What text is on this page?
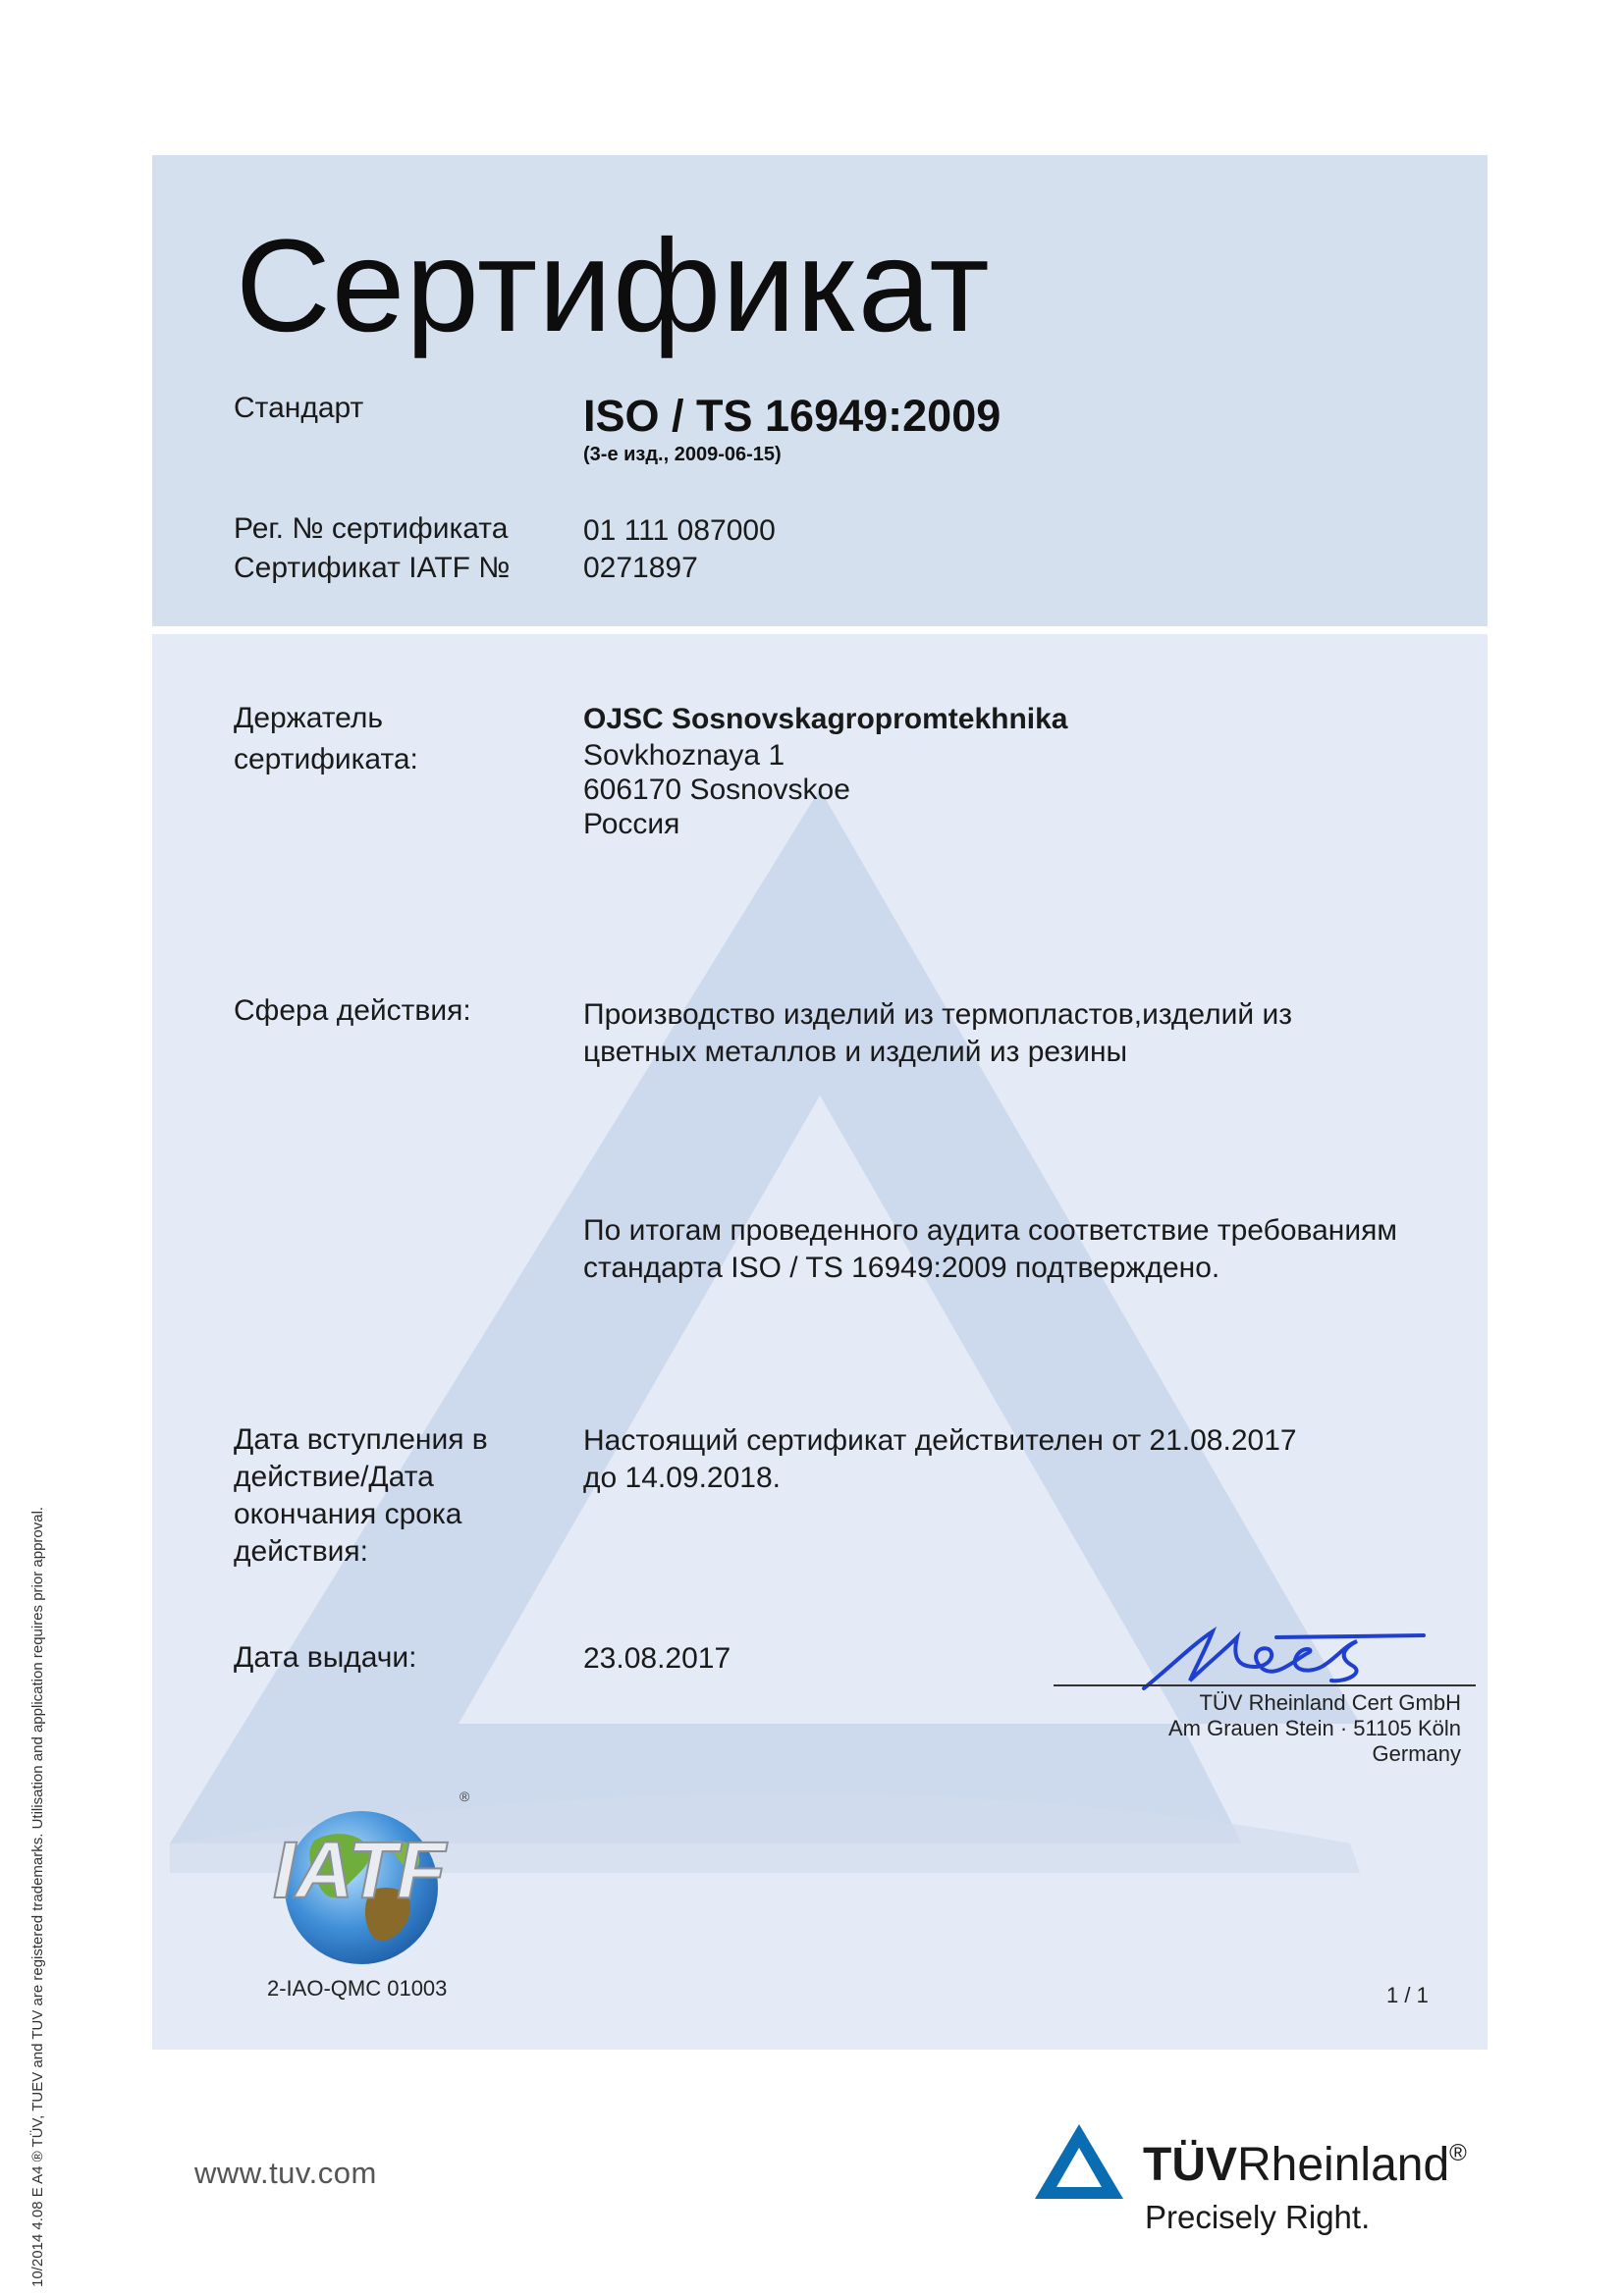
Сертификат
Стандарт	ISO / TS 16949:2009
(3-е изд., 2009-06-15)
Рег. № сертификата	01 111 087000
Сертификат IATF № 0271897
Держатель
сертификата:
OJSC Sosnovskagropromtekhnika
Sovkhoznaya 1
606170 Sosnovskoe
Россия
Сфера действия:	Производство изделий из термопластов,изделий из
цветных металлов и изделий из резины
По итогам проведенного аудита соответствие требованиям
стандарта ISO / TS 16949:2009 подтверждено.
Дата вступления в
действие/Дата
окончания срока
действия:
Настоящий сертификат действителен от 21.08.2017
до 14.09.2018.
Дата выдачи:	23.08.2017
TÜV Rheinland Cert GmbH
Am Grauen Stein · 51105 Köln
Germany
IATF
®
2-IAO-QMC 01003	1 / 1
www.tuv.com	TÜVRheinland®
Precisely Right.
10/2014 4.08 E A4 ® TÜV, TUEV and TUV are registered trademarks. Utilisation and application requires prior approval.
